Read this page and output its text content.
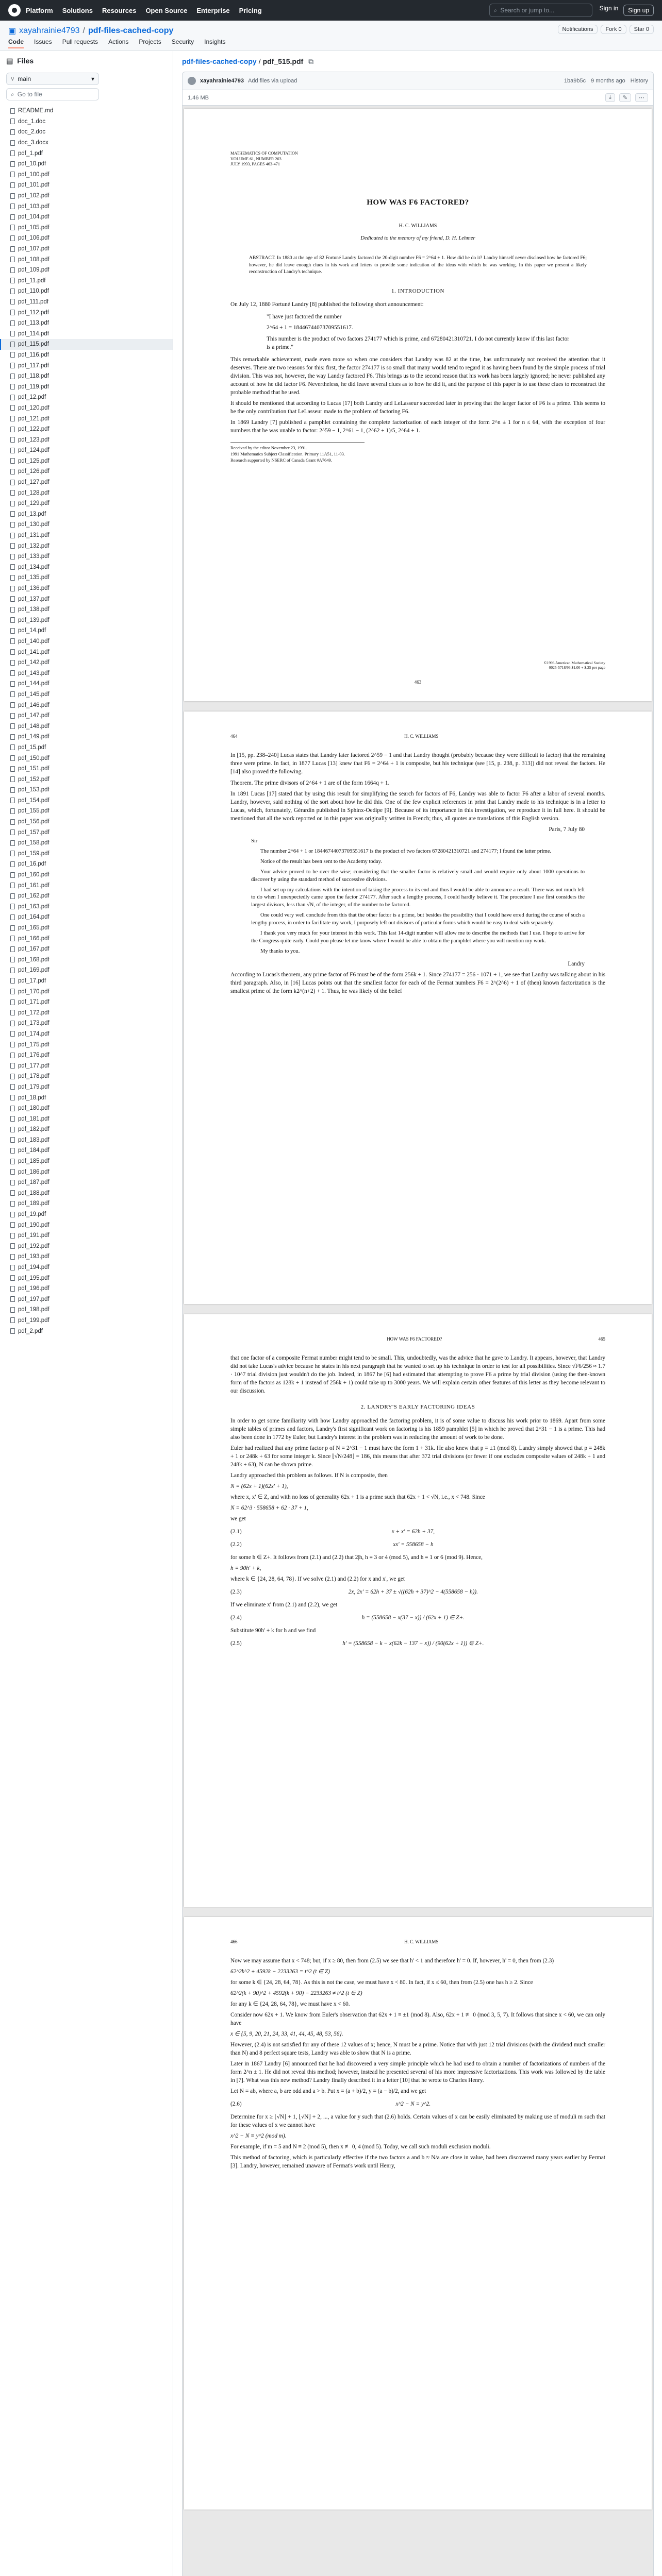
Platform Solutions Resources Open Source Enterprise Pricing	⌕ Search or jump to...	Sign in	Sign up
▣ xayahrainie4793 / pdf-files-cached-copy	Notifications	Fork 0	Star 0
Code Issues Pull requests Actions Projects Security Insights
▤ Files
⑂ main	▾
⌕ Go to file
README.md
doc_1.doc
doc_2.doc
doc_3.docx
pdf_1.pdf
pdf_10.pdf
pdf_100.pdf
pdf_101.pdf
pdf_102.pdf
pdf_103.pdf
pdf_104.pdf
pdf_105.pdf
pdf_106.pdf
pdf_107.pdf
pdf_108.pdf
pdf_109.pdf
pdf_11.pdf
pdf_110.pdf
pdf_111.pdf
pdf_112.pdf
pdf_113.pdf
pdf_114.pdf
pdf_115.pdf
pdf_116.pdf
pdf_117.pdf
pdf_118.pdf
pdf_119.pdf
pdf_12.pdf
pdf_120.pdf
pdf_121.pdf
pdf_122.pdf
pdf_123.pdf
pdf_124.pdf
pdf_125.pdf
pdf_126.pdf
pdf_127.pdf
pdf_128.pdf
pdf_129.pdf
pdf_13.pdf
pdf_130.pdf
pdf_131.pdf
pdf_132.pdf
pdf_133.pdf
pdf_134.pdf
pdf_135.pdf
pdf_136.pdf
pdf_137.pdf
pdf_138.pdf
pdf_139.pdf
pdf_14.pdf
pdf_140.pdf
pdf_141.pdf
pdf_142.pdf
pdf_143.pdf
pdf_144.pdf
pdf_145.pdf
pdf_146.pdf
pdf_147.pdf
pdf_148.pdf
pdf_149.pdf
pdf_15.pdf
pdf_150.pdf
pdf_151.pdf
pdf_152.pdf
pdf_153.pdf
pdf_154.pdf
pdf_155.pdf
pdf_156.pdf
pdf_157.pdf
pdf_158.pdf
pdf_159.pdf
pdf_16.pdf
pdf_160.pdf
pdf_161.pdf
pdf_162.pdf
pdf_163.pdf
pdf_164.pdf
pdf_165.pdf
pdf_166.pdf
pdf_167.pdf
pdf_168.pdf
pdf_169.pdf
pdf_17.pdf
pdf_170.pdf
pdf_171.pdf
pdf_172.pdf
pdf_173.pdf
pdf_174.pdf
pdf_175.pdf
pdf_176.pdf
pdf_177.pdf
pdf_178.pdf
pdf_179.pdf
pdf_18.pdf
pdf_180.pdf
pdf_181.pdf
pdf_182.pdf
pdf_183.pdf
pdf_184.pdf
pdf_185.pdf
pdf_186.pdf
pdf_187.pdf
pdf_188.pdf
pdf_189.pdf
pdf_19.pdf
pdf_190.pdf
pdf_191.pdf
pdf_192.pdf
pdf_193.pdf
pdf_194.pdf
pdf_195.pdf
pdf_196.pdf
pdf_197.pdf
pdf_198.pdf
pdf_199.pdf
pdf_2.pdf
pdf-files-cached-copy / pdf_515.pdf ⧉
xayahrainie4793 Add files via upload	1ba9b5c 9 months ago History
1.46 MB	⤓	✎	⋯
MATHEMATICS OF COMPUTATION
VOLUME 61, NUMBER 203
JULY 1993, PAGES 463-471
HOW WAS F6 FACTORED?
H. C. WILLIAMS
Dedicated to the memory of my friend, D. H. Lehmer
ABSTRACT. In 1880 at the age of 82 Fortuné Landry factored the 20-digit number F6 = 2^64 + 1. How did he do it? Landry himself never disclosed how he factored F6; however, he did leave enough clues in his work and letters to provide some indication of the ideas with which he was working. In this paper we present a likely reconstruction of Landry's technique.
1. INTRODUCTION

On July 12, 1880 Fortuné Landry [8] published the following short announcement:

"I have just factored the number

2^64 + 1 = 18446744073709551617.

This number is the product of two factors 274177 which is prime, and 67280421310721. I do not currently know if this last factor is a prime."

This remarkable achievement, made even more so when one considers that Landry was 82 at the time, has unfortunately not received the attention that it deserves. There are two reasons for this: first, the factor 274177 is so small that many would tend to regard it as having been found by the simple process of trial division. This was not, however, the way Landry factored F6. This brings us to the second reason that his work has been largely ignored; he never published any account of how he did factor F6. Nevertheless, he did leave several clues as to how he did it, and the purpose of this paper is to use these clues to reconstruct the probable method that he used.

It should be mentioned that according to Lucas [17] both Landry and LeLasseur succeeded later in proving that the larger factor of F6 is a prime. This seems to be the only contribution that LeLasseur made to the problem of factoring F6.

In 1869 Landry [7] published a pamphlet containing the complete factorization of each integer of the form 2^n ± 1 for n ≤ 64, with the exception of four numbers that he was unable to factor: 2^59 − 1, 2^61 − 1, (2^62 + 1)/5, 2^64 + 1.

Received by the editor November 23, 1991.
1991 Mathematics Subject Classification. Primary 11A51, 11-03.
Research supported by NSERC of Canada Grant #A7649.
©1993 American Mathematical Society
0025-5718/93 $1.00 + $.25 per page
463
464	H. C. WILLIAMS

In [15, pp. 238–240] Lucas states that Landry later factored 2^59 − 1 and that Landry thought (probably because they were difficult to factor) that the remaining three were prime. In fact, in 1877 Lucas [13] knew that F6 = 2^64 + 1 is composite, but his technique (see [15, p. 238, p. 313]) did not reveal the factors. He [14] also proved the following.

Theorem. The prime divisors of 2^64 + 1 are of the form 1664q + 1.

In 1891 Lucas [17] stated that by using this result for simplifying the search for factors of F6, Landry was able to factor F6 after a labor of several months. Landry, however, said nothing of the sort about how he did this. One of the few explicit references in print that Landry made to his technique is in a letter to Lucas, which, fortunately, Gérardin published in Sphinx-Oedipe [9]. Because of its importance in this investigation, we reproduce it in full here. It should be mentioned that all the work reported on in this paper was originally written in French; thus, all quotes are translations of this English version.

Paris, 7 July 80

Sir

The number 2^64 + 1 or 18446744073709551617 is the product of two factors 67280421310721 and 274177; I found the latter prime.

Notice of the result has been sent to the Academy today.

Your advice proved to be over the wise; considering that the smaller factor is relatively small and would require only about 1000 operations to discover by using the standard method of successive divisions.

I had set up my calculations with the intention of taking the process to its end and thus I would be able to announce a result. There was not much left to do when I unexpectedly came upon the factor 274177. After such a lengthy process, I could hardly believe it. The procedure I use first considers the largest divisors, less than √N, of the integer, of the number to be factored.

One could very well conclude from this that the other factor is a prime, but besides the possibility that I could have erred during the course of such a lengthy process, in order to facilitate my work, I purposely left out divisors of particular forms which would be easy to deal with separately.

I thank you very much for your interest in this work. This last 14-digit number will allow me to describe the methods that I use. I hope to arrive for the Congress quite early. Could you please let me know where I would be able to obtain the pamphlet where you will mention my work.

My thanks to you.

Landry

According to Lucas's theorem, any prime factor of F6 must be of the form 256k + 1. Since 274177 = 256 · 1071 + 1, we see that Landry was talking about in his third paragraph. Also, in [16] Lucas points out that the smallest factor for each of the Fermat numbers F6 = 2^(2^6) + 1 of (then) known factorization is the smallest prime of the form k2^(n+2) + 1. Thus, he was likely of the belief

HOW WAS F6 FACTORED?	465

that one factor of a composite Fermat number might tend to be small. This, undoubtedly, was the advice that he gave to Landry. It appears, however, that Landry did not take Lucas's advice because he states in his next paragraph that he wanted to set up his technique in order to test for all possibilities. Since √F6/256 ≈ 1.7 · 10^7 trial division just wouldn't do the job. Indeed, in 1867 he [6] had estimated that attempting to prove F6 a prime by trial division (using the then-known form of the factors as 128k + 1 instead of 256k + 1) could take up to 3000 years. We will explain certain other features of this letter as they become relevant to our discussion.

2. LANDRY'S EARLY FACTORING IDEAS

In order to get some familiarity with how Landry approached the factoring problem, it is of some value to discuss his work prior to 1869. Apart from some simple tables of primes and factors, Landry's first significant work on factoring is his 1859 pamphlet [5] in which he proved that 2^31 − 1 is a prime. This had also been done in 1772 by Euler, but Landry's interest in the problem was in reducing the amount of work to be done.

Euler had realized that any prime factor p of N = 2^31 − 1 must have the form 1 + 31k. He also knew that p ≡ ±1 (mod 8). Landry simply showed that p = 248k + 1 or 248k + 63 for some integer k. Since ⌊√N/248⌋ = 186, this means that after 372 trial divisions (or fewer if one excludes composite values of 248k + 1 and 248k + 63), N can be shown prime.

Landry approached this problem as follows. If N is composite, then

N = (62x + 1)(62x' + 1),

where x, x' ∈ Z, and with no loss of generality 62x + 1 is a prime such that 62x + 1 < √N, i.e., x < 748. Since

N = 62^3 · 558658 + 62 · 37 + 1,

we get

(2.1)	x + x' = 62h + 37,
(2.2)	xx' = 558658 − h

for some h ∈ Z+. It follows from (2.1) and (2.2) that 2|h, h ≡ 3 or 4 (mod 5), and h ≡ 1 or 6 (mod 9). Hence,

h = 90h' + k,

where k ∈ {24, 28, 64, 78}. If we solve (2.1) and (2.2) for x and x', we get

(2.3)	2x, 2x' = 62h + 37 ± √((62h + 37)^2 − 4(558658 − h)).

If we eliminate x' from (2.1) and (2.2), we get

(2.4)	h = (558658 − x(37 − x)) / (62x + 1) ∈ Z+.

Substitute 90h' + k for h and we find

(2.5)	h' = (558658 − k − x(62k − 137 − x)) / (90(62x + 1)) ∈ Z+.
466	H. C. WILLIAMS

Now we may assume that x < 748; but, if x ≥ 80, then from (2.5) we see that h' < 1 and therefore h' = 0. If, however, h' = 0, then from (2.3)

62^2k^2 + 4592k − 2233263 = t^2 (t ∈ Z)

for some k ∈ {24, 28, 64, 78}. As this is not the case, we must have x < 80. In fact, if x ≤ 60, then from (2.5) one has h ≥ 2. Since

62^2(k + 90)^2 + 4592(k + 90) − 2233263 ≠ t^2 (t ∈ Z)

for any k ∈ {24, 28, 64, 78}, we must have x < 60.

Consider now 62x + 1. We know from Euler's observation that 62x + 1 ≡ ±1 (mod 8). Also, 62x + 1 ≢ 0 (mod 3, 5, 7). It follows that since x < 60, we can only have

x ∈ {5, 9, 20, 21, 24, 33, 41, 44, 45, 48, 53, 56}.

However, (2.4) is not satisfied for any of these 12 values of x; hence, N must be a prime. Notice that with just 12 trial divisions (with the dividend much smaller than N) and 8 perfect square tests, Landry was able to show that N is a prime.

Later in 1867 Landry [6] announced that he had discovered a very simple principle which he had used to obtain a number of factorizations of numbers of the form 2^n ± 1. He did not reveal this method; however, instead he presented several of his more impressive factorizations. This work was followed by the table in [7]. What was this new method? Landry finally described it in a letter [10] that he wrote to Charles Henry.

Let N = ab, where a, b are odd and a > b. Put x = (a + b)/2, y = (a − b)/2, and we get

(2.6)	x^2 − N = y^2.

Determine for x ≥ ⌊√N⌋ + 1, ⌊√N⌋ + 2, ..., a value for y such that (2.6) holds. Certain values of x can be easily eliminated by making use of moduli m such that for these values of x we cannot have

x^2 − N ≡ y^2 (mod m).

For example, if m = 5 and N ≡ 2 (mod 5), then x ≢ 0, 4 (mod 5). Today, we call such moduli exclusion moduli.

This method of factoring, which is particularly effective if the two factors a and b ≈ N/a are close in value, had been discovered many years earlier by Fermat [3]. Landry, however, remained unaware of Fermat's work until Henry,
